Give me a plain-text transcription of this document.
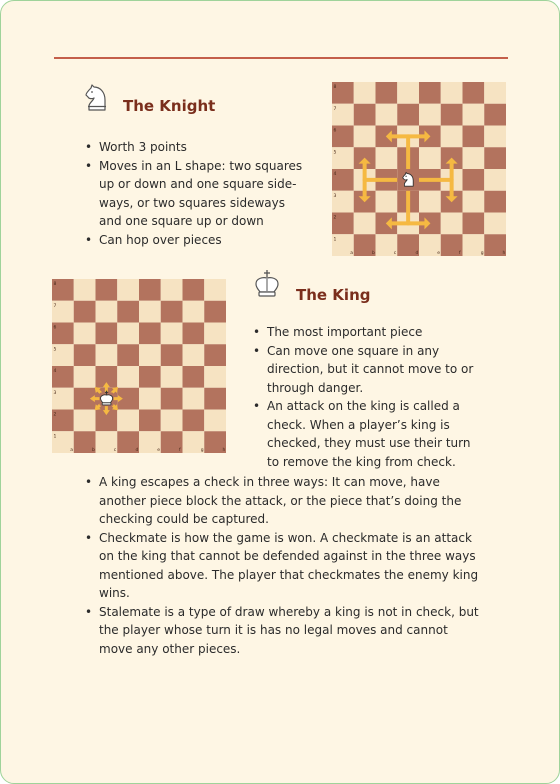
The Knight
• Worth 3 points
• Moves in an L shape: two squares up or down and one square side-ways, or two squares sideways and one square up or down
• Can hop over pieces
8
7
6
5
4
3
2
1
a	b	c	d	e	f	g	h
The King
• The most important piece
• Can move one square in any direction, but it cannot move to or through danger.
• An attack on the king is called a check. When a player’s king is checked, they must use their turn to remove the king from check.
8
7
6
5
4
3
2
1
a	b	c	d	e	f	g	h
• A king escapes a check in three ways: It can move, have another piece block the attack, or the piece that’s doing the checking could be captured.
• Checkmate is how the game is won. A checkmate is an attack on the king that cannot be defended against in the three ways mentioned above. The player that checkmates the enemy king wins.
• Stalemate is a type of draw whereby a king is not in check, but the player whose turn it is has no legal moves and cannot move any other pieces.
